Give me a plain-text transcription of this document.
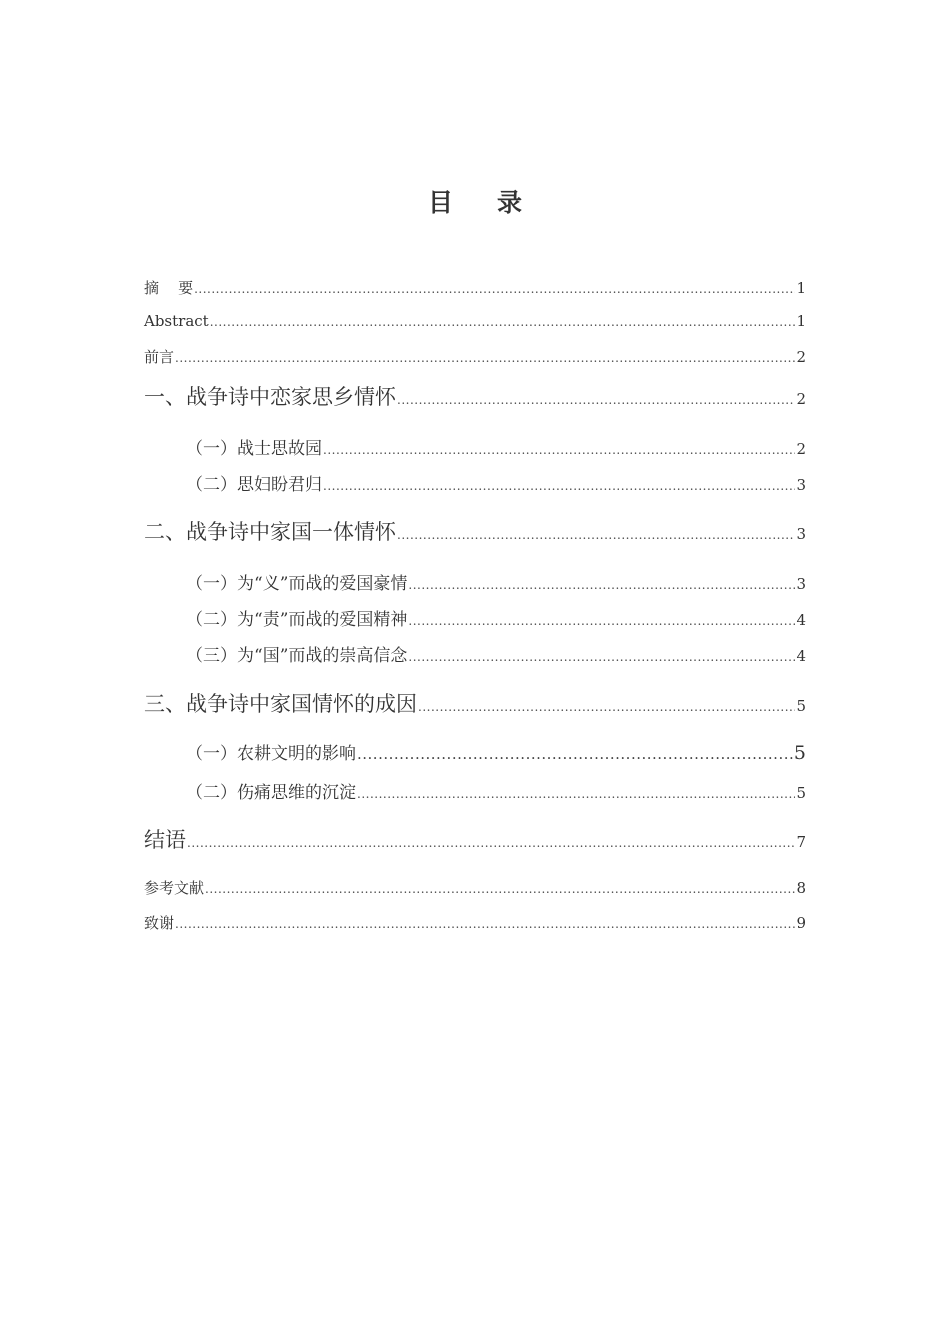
目录
摘    要 .....	1
Abstract .....	1
前言 .....	2
一、战争诗中恋家思乡情怀 .....	2
（一）战士思故园 .....	2
（二）思妇盼君归 .....	3
二、战争诗中家国一体情怀 .....	3
（一）为“义”而战的爱国豪情 .....	3
（二）为“责”而战的爱国精神 .....	4
（三）为“国”而战的崇高信念 .....	4
三、战争诗中家国情怀的成因 .....	5
（一）农耕文明的影响 .....	5
（二）伤痛思维的沉淀 .....	5
结语 .....	7
参考文献 .....	8
致谢 .....	9
